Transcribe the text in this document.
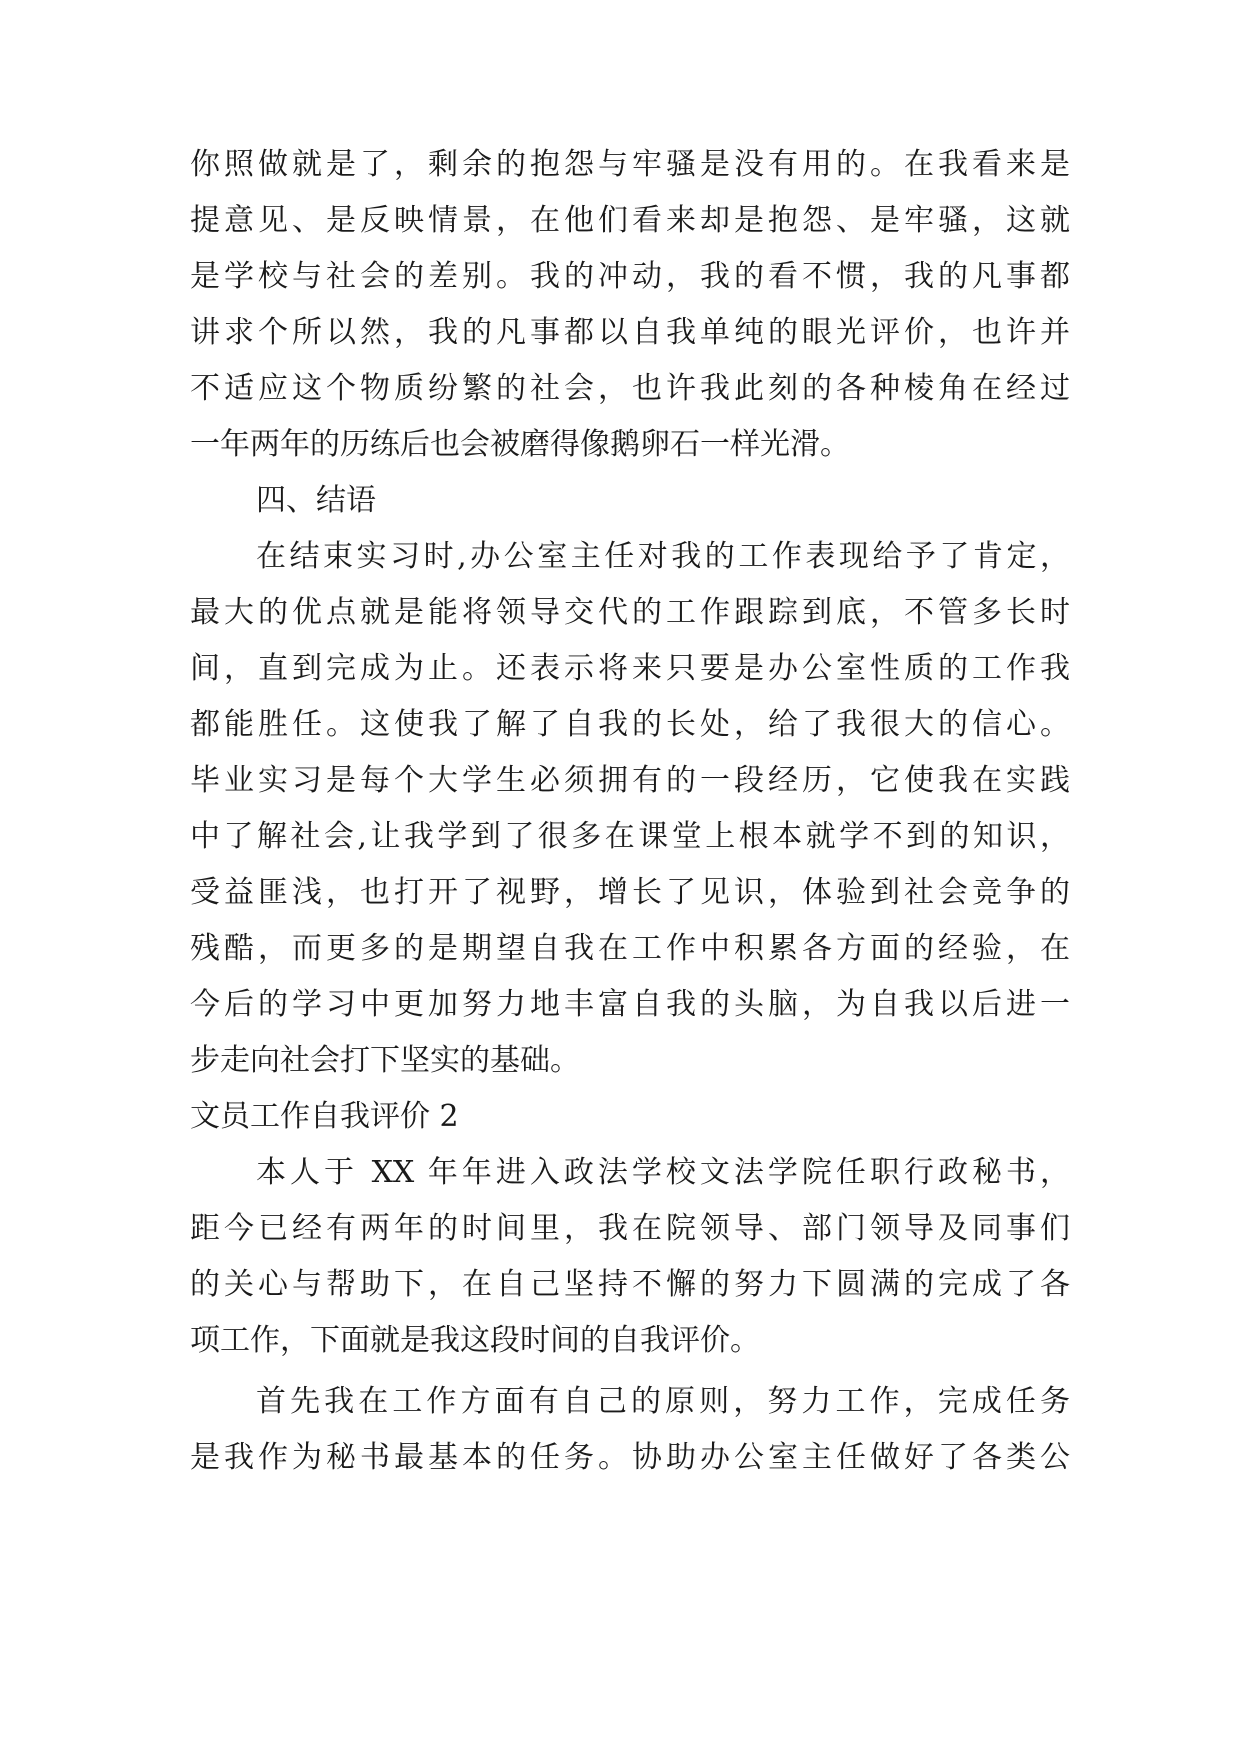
你照做就是了，剩余的抱怨与牢骚是没有用的。在我看来是
提意见、是反映情景，在他们看来却是抱怨、是牢骚，这就
是学校与社会的差别。我的冲动，我的看不惯，我的凡事都
讲求个所以然，我的凡事都以自我单纯的眼光评价，也许并
不适应这个物质纷繁的社会，也许我此刻的各种棱角在经过
一年两年的历练后也会被磨得像鹅卵石一样光滑。
四、结语
在结束实习时,办公室主任对我的工作表现给予了肯定，
最大的优点就是能将领导交代的工作跟踪到底，不管多长时
间，直到完成为止。还表示将来只要是办公室性质的工作我
都能胜任。这使我了解了自我的长处，给了我很大的信心。
毕业实习是每个大学生必须拥有的一段经历，它使我在实践
中了解社会,让我学到了很多在课堂上根本就学不到的知识，
受益匪浅，也打开了视野，增长了见识，体验到社会竞争的
残酷，而更多的是期望自我在工作中积累各方面的经验，在
今后的学习中更加努力地丰富自我的头脑，为自我以后进一
步走向社会打下坚实的基础。
文员工作自我评价 2
本人于 XX 年年进入政法学校文法学院任职行政秘书，
距今已经有两年的时间里，我在院领导、部门领导及同事们
的关心与帮助下，在自己坚持不懈的努力下圆满的完成了各
项工作，下面就是我这段时间的自我评价。
首先我在工作方面有自己的原则，努力工作，完成任务
是我作为秘书最基本的任务。协助办公室主任做好了各类公
